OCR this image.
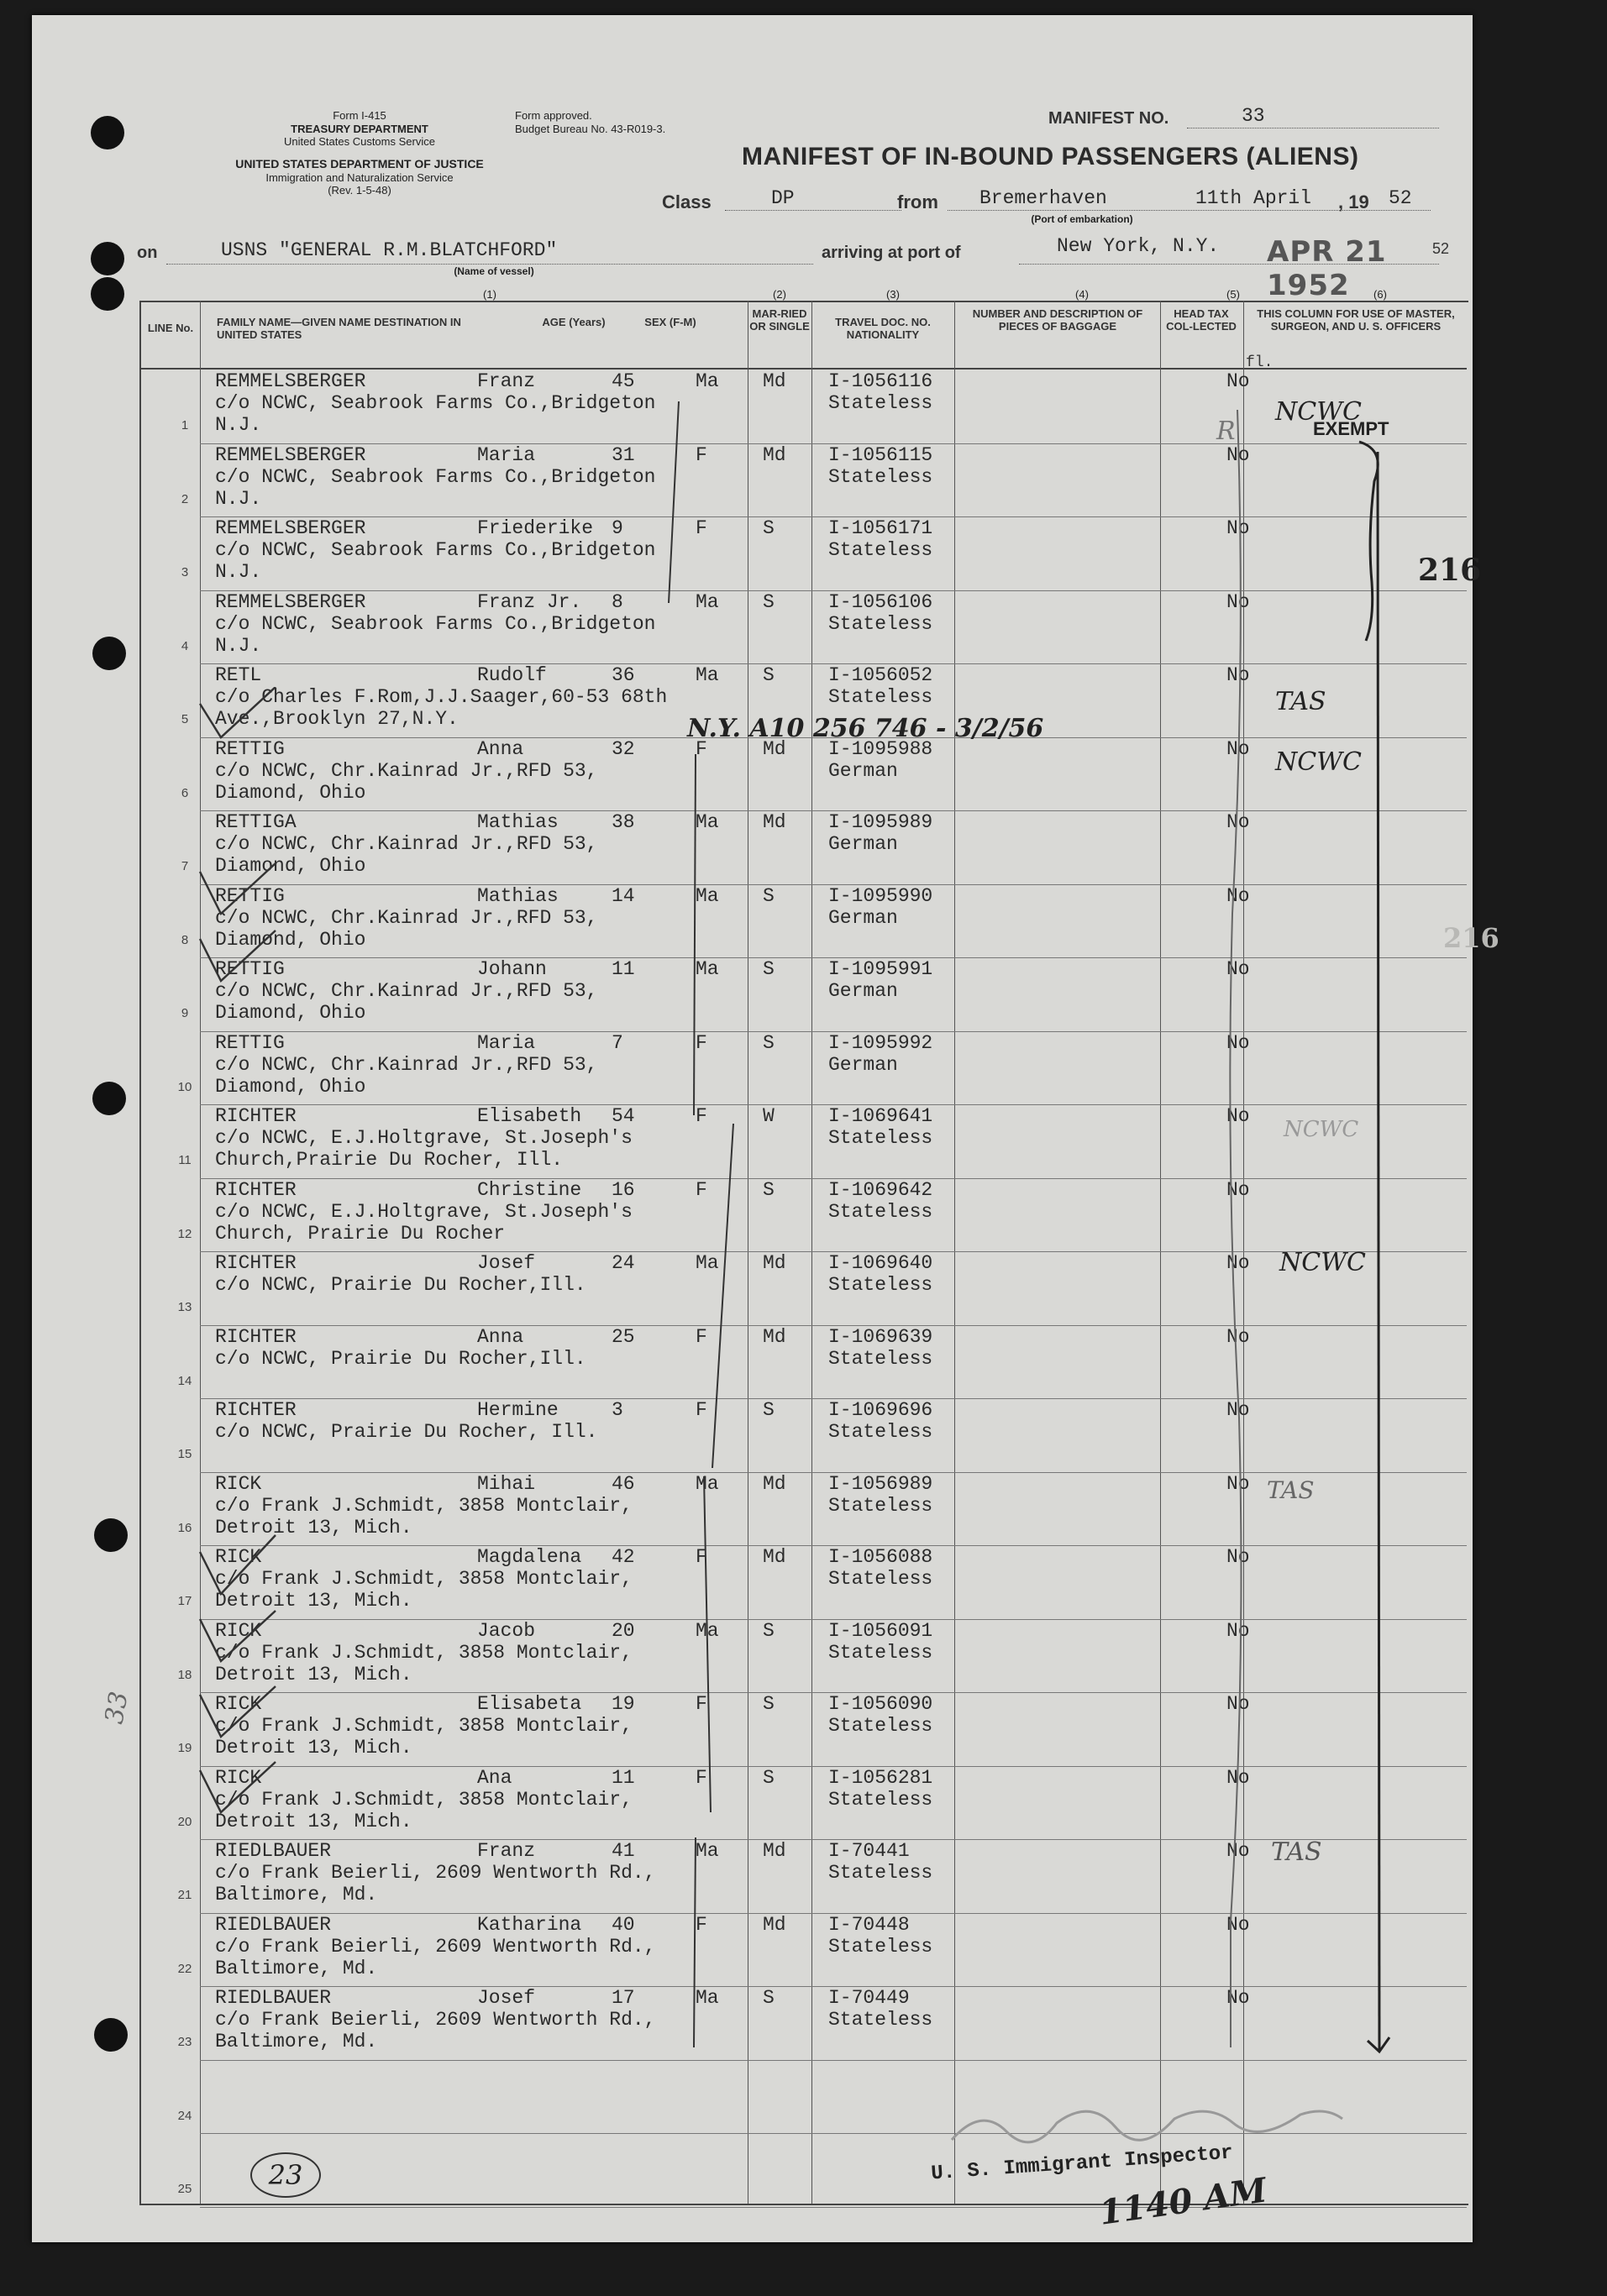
Form I-415
TREASURY DEPARTMENT
United States Customs Service
UNITED STATES DEPARTMENT OF JUSTICE
Immigration and Naturalization Service
(Rev. 1-5-48)
Form approved.
Budget Bureau No. 43-R019-3.
MANIFEST NO.	33
MANIFEST OF IN-BOUND PASSENGERS (ALIENS)
Class	DP	from Bremerhaven	11th April , 19 52
(Port of embarkation)
on	USNS "GENERAL R.M.BLATCHFORD"
(Name of vessel)
arriving at port of	New York, N.Y. APR 21 1952
52
(1)	(2)	(3)	(4)	(5)	(6)
LINE No.	FAMILY NAME—GIVEN NAME DESTINATION IN UNITED STATES
AGE (Years)	SEX (F-M)
MAR-RIED OR SINGLE	TRAVEL DOC. NO. NATIONALITY
NUMBER AND DESCRIPTION OF PIECES OF BAGGAGE
HEAD TAX COL-LECTED
THIS COLUMN FOR USE OF MASTER, SURGEON, AND U. S. OFFICERS
fl.
1
REMMELSBERGER	Franz	45	Ma
c/o NCWC, Seabrook Farms Co.,Bridgeton
N.J.
Md I-1056116
Stateless
No
2
REMMELSBERGER	Maria	31	F
c/o NCWC, Seabrook Farms Co.,Bridgeton
N.J.
Md I-1056115
Stateless
No
3
REMMELSBERGER	Friederike 9	F
c/o NCWC, Seabrook Farms Co.,Bridgeton
N.J.
S	I-1056171
Stateless
No
4
REMMELSBERGER	Franz Jr. 8	Ma
c/o NCWC, Seabrook Farms Co.,Bridgeton
N.J.
S	I-1056106
Stateless
No
5
RETL	Rudolf	36	Ma
c/o Charles F.Rom,J.J.Saager,60-53 68th
Ave.,Brooklyn 27,N.Y.
S	I-1056052
Stateless
No
6
RETTIG	Anna	32	F
c/o NCWC, Chr.Kainrad Jr.,RFD 53,
Diamond, Ohio
Md I-1095988
German
No
7
RETTIGA	Mathias	38	Ma
c/o NCWC, Chr.Kainrad Jr.,RFD 53,
Diamond, Ohio
Md I-1095989
German
No
8
RETTIG	Mathias	14	Ma
c/o NCWC, Chr.Kainrad Jr.,RFD 53,
Diamond, Ohio
S	I-1095990
German
No
9
RETTIG	Johann	11	Ma
c/o NCWC, Chr.Kainrad Jr.,RFD 53,
Diamond, Ohio
S	I-1095991
German
No
10
RETTIG	Maria	7	F
c/o NCWC, Chr.Kainrad Jr.,RFD 53,
Diamond, Ohio
S	I-1095992
German
No
11
RICHTER	Elisabeth 54	F
c/o NCWC, E.J.Holtgrave, St.Joseph's
Church,Prairie Du Rocher, Ill.
W	I-1069641
Stateless
No
12
RICHTER	Christine 16	F
c/o NCWC, E.J.Holtgrave, St.Joseph's
Church, Prairie Du Rocher
S	I-1069642
Stateless
No
13
RICHTER	Josef	24	Ma
c/o NCWC, Prairie Du Rocher,Ill.
Md I-1069640
Stateless
No
14
RICHTER	Anna	25	F
c/o NCWC, Prairie Du Rocher,Ill.
Md I-1069639
Stateless
No
15
RICHTER	Hermine	3	F
c/o NCWC, Prairie Du Rocher, Ill.
S	I-1069696
Stateless
No
16
RICK	Mihai	46	Ma
c/o Frank J.Schmidt, 3858 Montclair,
Detroit 13, Mich.
Md I-1056989
Stateless
No
17
RICK	Magdalena 42	F
c/o Frank J.Schmidt, 3858 Montclair,
Detroit 13, Mich.
Md I-1056088
Stateless
No
18
RICK	Jacob	20	Ma
c/o Frank J.Schmidt, 3858 Montclair,
Detroit 13, Mich.
S	I-1056091
Stateless
No
19
RICK	Elisabeta 19	F
c/o Frank J.Schmidt, 3858 Montclair,
Detroit 13, Mich.
S	I-1056090
Stateless
No
20
RICK	Ana	11	F
c/o Frank J.Schmidt, 3858 Montclair,
Detroit 13, Mich.
S	I-1056281
Stateless
No
21
RIEDLBAUER	Franz	41	Ma
c/o Frank Beierli, 2609 Wentworth Rd.,
Baltimore, Md.
Md I-70441
Stateless
No
22
RIEDLBAUER	Katharina 40	F
c/o Frank Beierli, 2609 Wentworth Rd.,
Baltimore, Md.
Md I-70448
Stateless
No
23
RIEDLBAUER	Josef	17	Ma
c/o Frank Beierli, 2609 Wentworth Rd.,
Baltimore, Md.
S	I-70449
Stateless
No
24
25
EXEMPT
216
216
NCWC
NCWC
NCWC
NCWC
TAS
TAS
TAS
R
N.Y. A10 256 746 - 3/2/56
23
33
U. S. Immigrant Inspector
1140 AM
